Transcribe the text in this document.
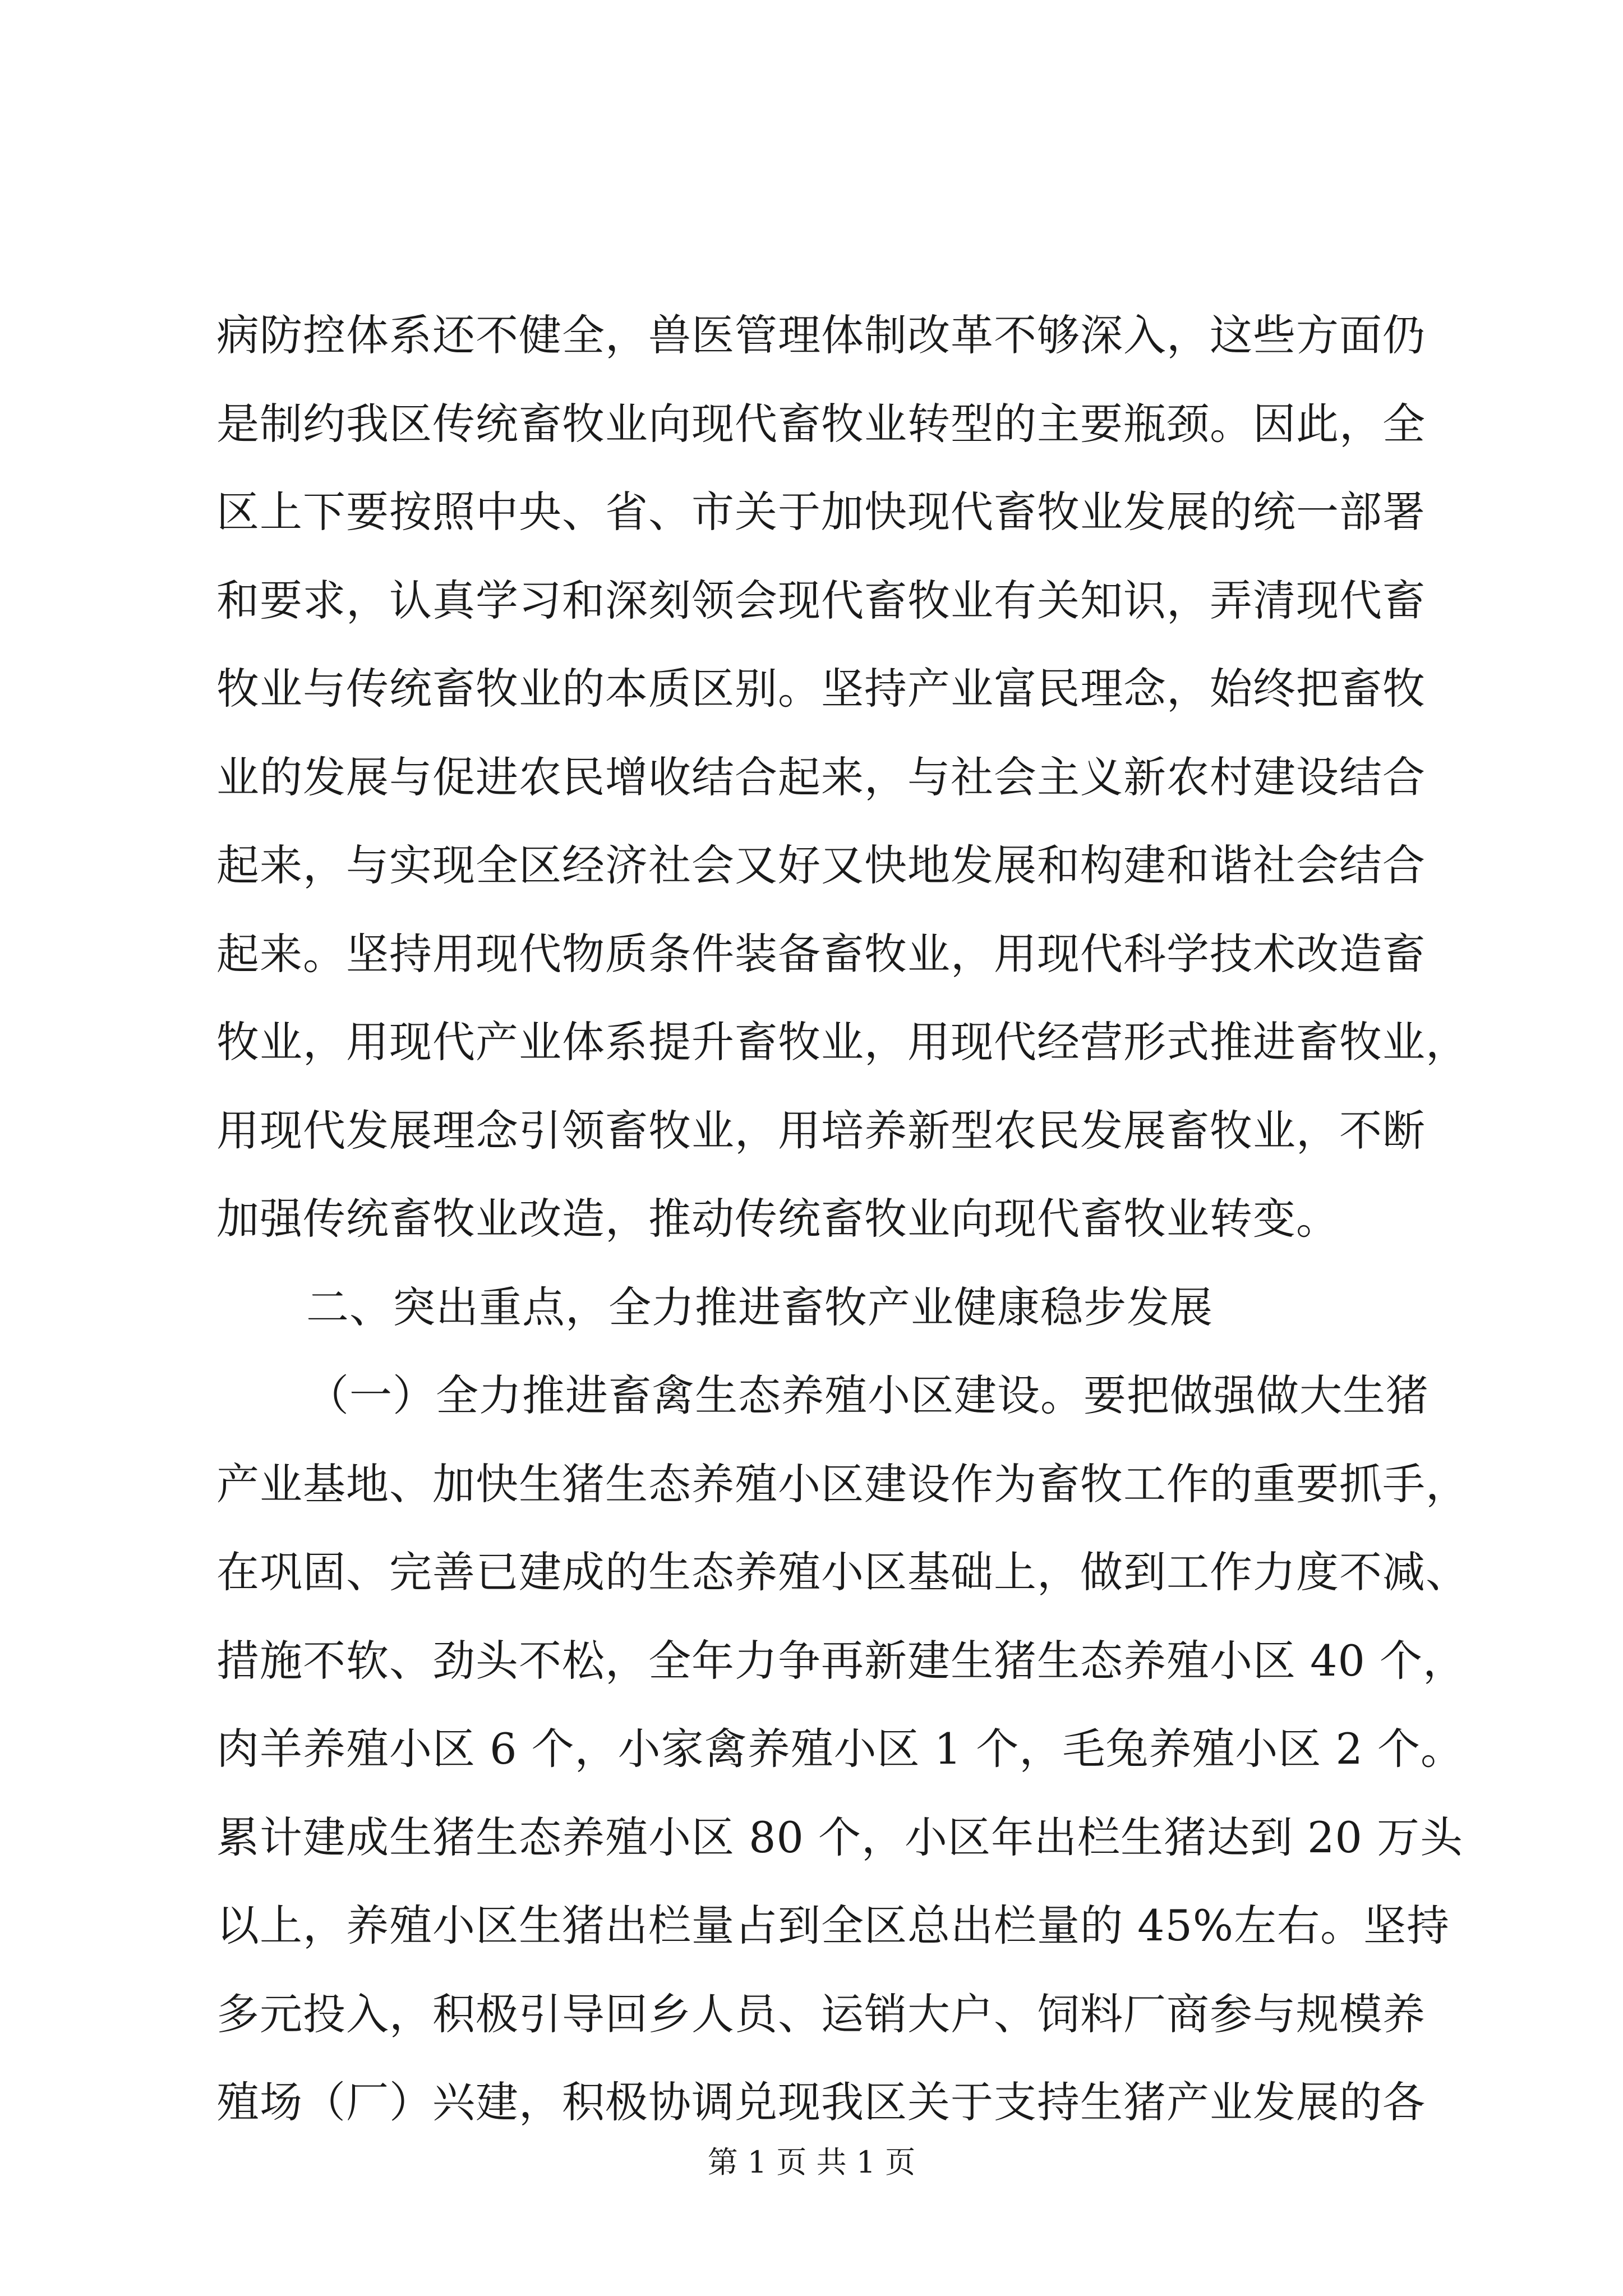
病防控体系还不健全，兽医管理体制改革不够深入，这些方面仍
是制约我区传统畜牧业向现代畜牧业转型的主要瓶颈。因此，全
区上下要按照中央、省、市关于加快现代畜牧业发展的统一部署
和要求，认真学习和深刻领会现代畜牧业有关知识，弄清现代畜
牧业与传统畜牧业的本质区别。坚持产业富民理念，始终把畜牧
业的发展与促进农民增收结合起来，与社会主义新农村建设结合
起来，与实现全区经济社会又好又快地发展和构建和谐社会结合
起来。坚持用现代物质条件装备畜牧业，用现代科学技术改造畜
牧业，用现代产业体系提升畜牧业，用现代经营形式推进畜牧业，
用现代发展理念引领畜牧业，用培养新型农民发展畜牧业，不断
加强传统畜牧业改造，推动传统畜牧业向现代畜牧业转变。
二、突出重点，全力推进畜牧产业健康稳步发展
（一）全力推进畜禽生态养殖小区建设。要把做强做大生猪
产业基地、加快生猪生态养殖小区建设作为畜牧工作的重要抓手，
在巩固、完善已建成的生态养殖小区基础上，做到工作力度不减、
措施不软、劲头不松，全年力争再新建生猪生态养殖小区 40 个，
肉羊养殖小区 6 个，小家禽养殖小区 1 个，毛兔养殖小区 2 个。
累计建成生猪生态养殖小区 80 个，小区年出栏生猪达到 20 万头
以上，养殖小区生猪出栏量占到全区总出栏量的 45%左右。坚持
多元投入，积极引导回乡人员、运销大户、饲料厂商参与规模养
殖场（厂）兴建，积极协调兑现我区关于支持生猪产业发展的各
第 1 页 共 1 页
